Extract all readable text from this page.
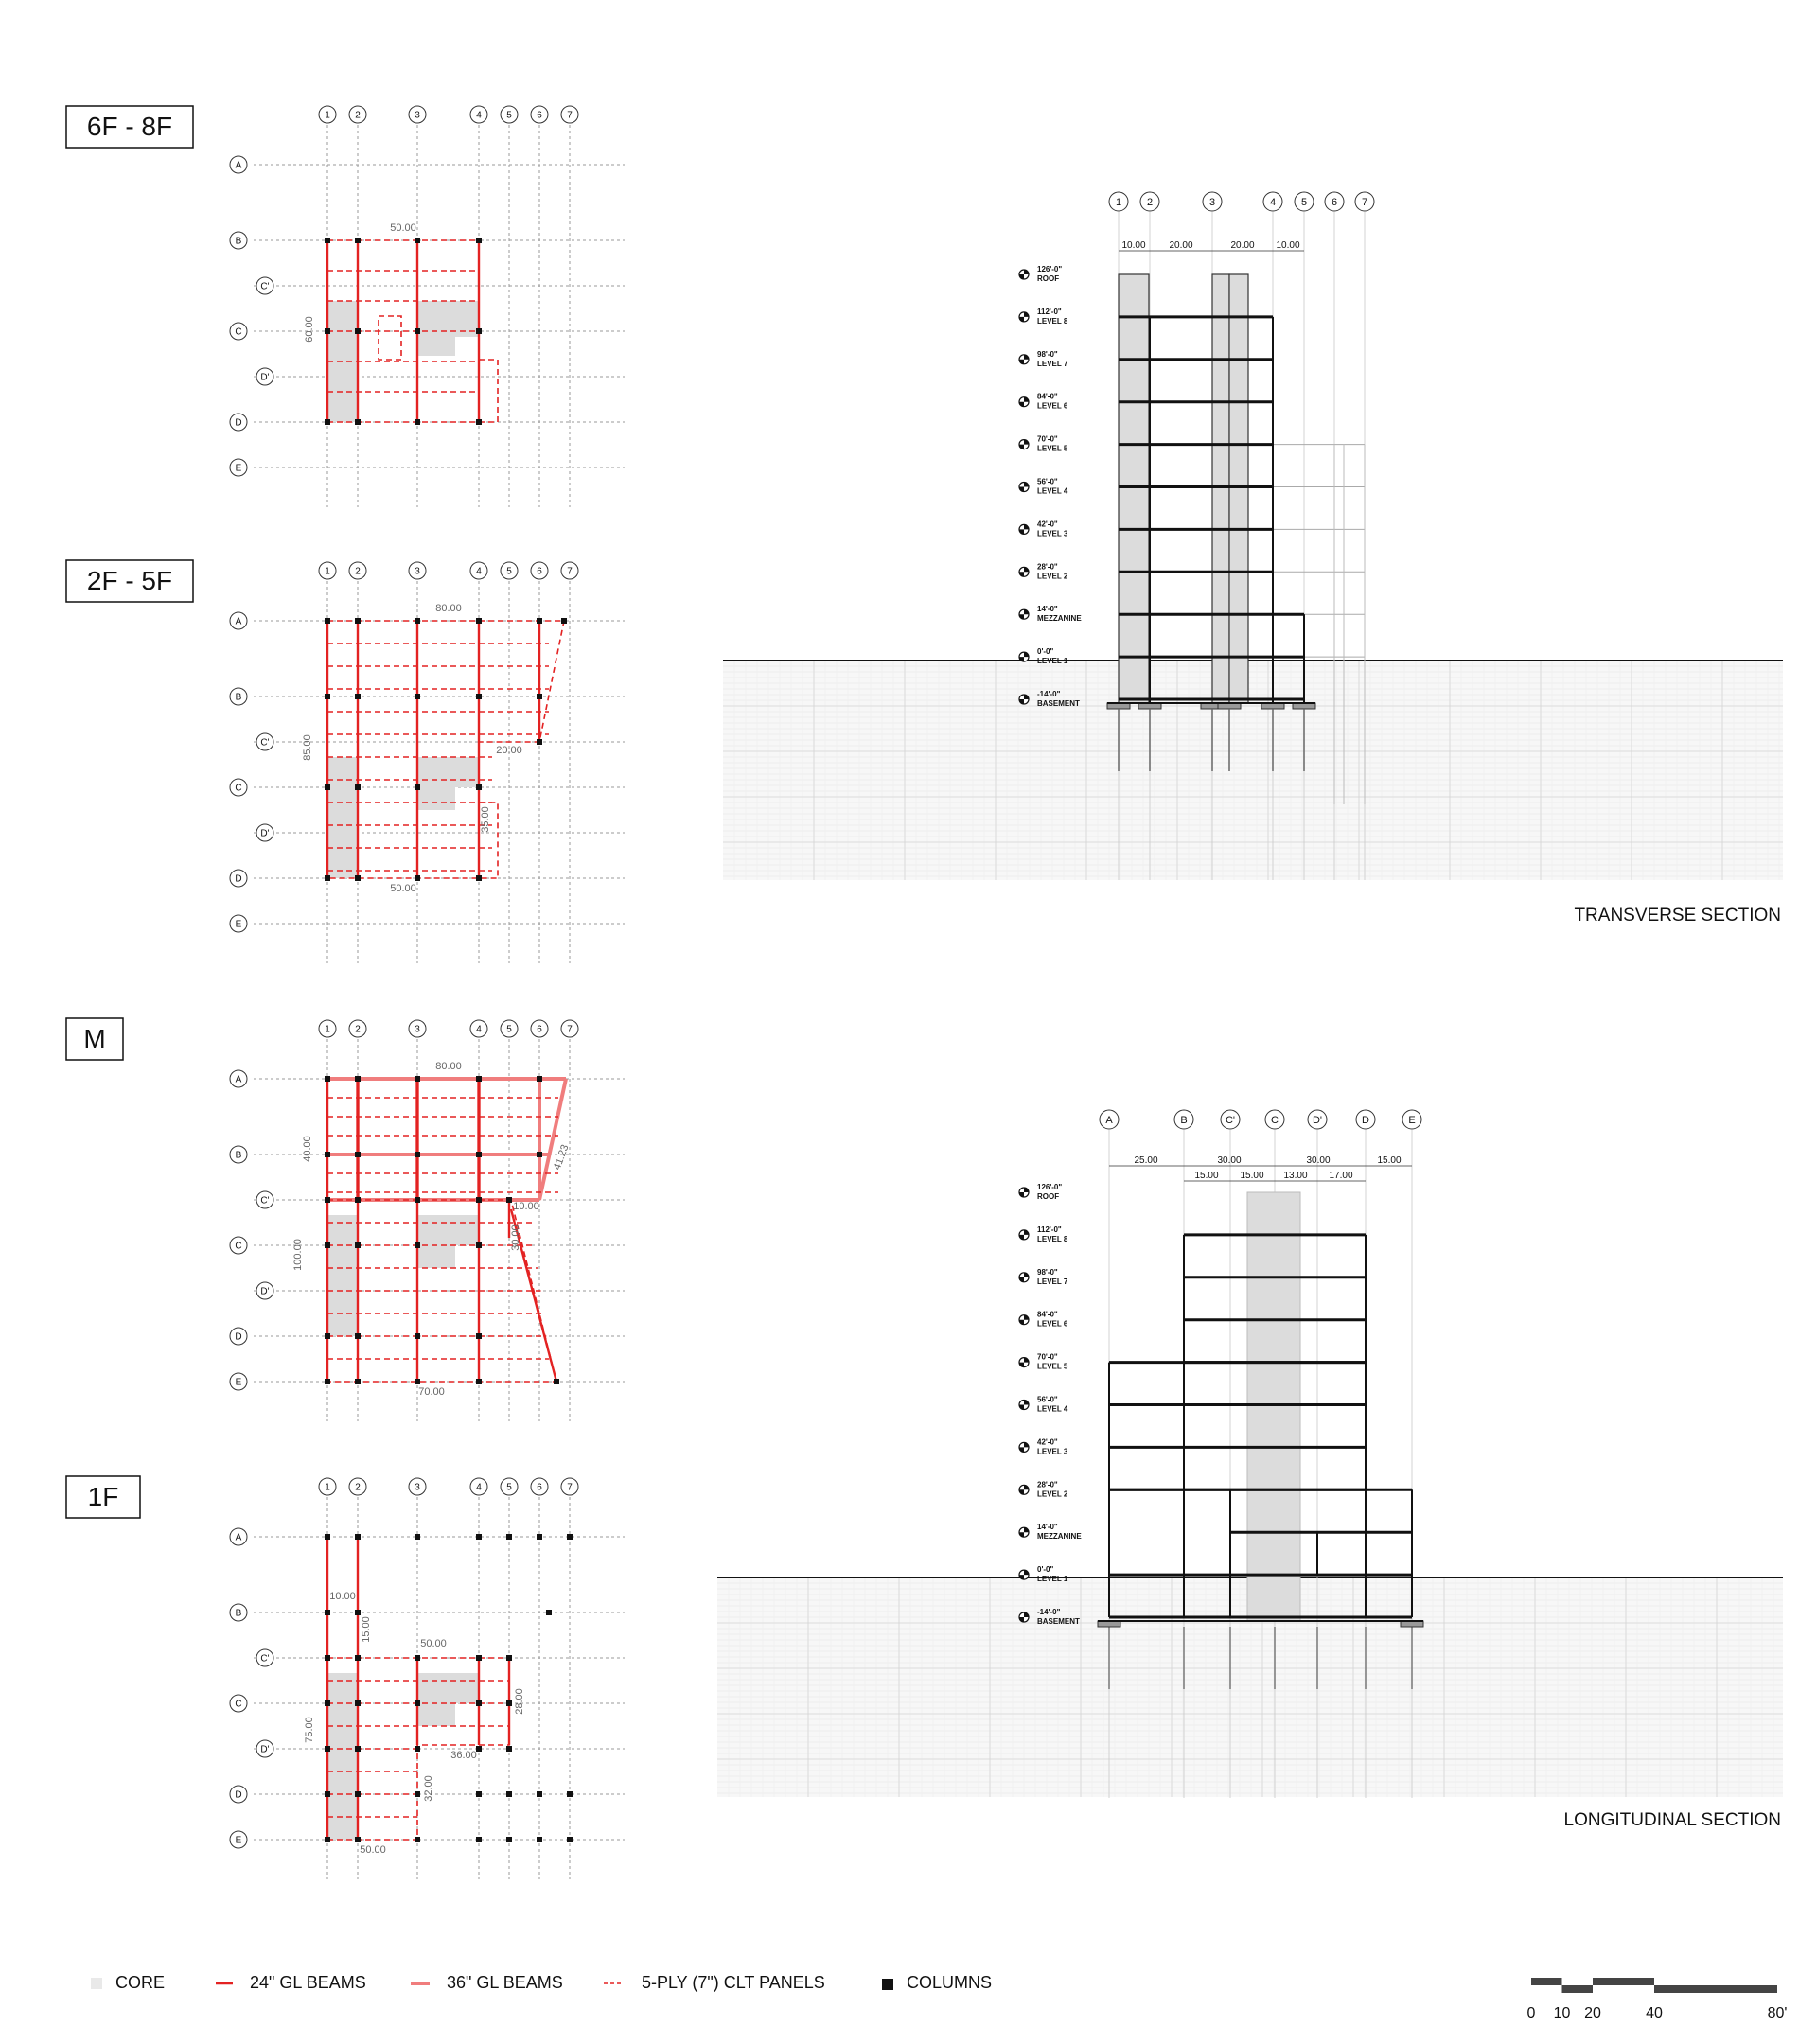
1	2	3	4	5	6	7
A
B
C'
C
D'
D
E
6F - 8F
50.00
60.00
1	2	3	4	5	6	7
A
B
C'
C
D'
D
E
2F - 5F
80.00
85.00	20.00
35.00
50.00
1	2	3	4	5	6	7
A
B
C'
C
D'
D
E
M
80.00
40.00
100.00
41.23
10.00
30.00
70.00
1	2	3	4	5	6	7
A
B
C'
C
D'
D
E
1F
10.00
15.00
50.00
28.00
75.00
36.00
32.00
50.00
1 2	3	4 5 6 7
10.00 20.00	20.00 10.00
126'-0"
ROOF
112'-0"
LEVEL 8
98'-0"
LEVEL 7
84'-0"
LEVEL 6
70'-0"
LEVEL 5
56'-0"
LEVEL 4
42'-0"
LEVEL 3
28'-0"
LEVEL 2
14'-0"
MEZZANINE
0'-0"
LEVEL 1
-14'-0"
BASEMENT
TRANSVERSE SECTION
A	B	C'	C	D'	D	E
25.00	30.00	30.00	15.00
15.00 15.00 13.00 17.00
126'-0"
ROOF
112'-0"
LEVEL 8
98'-0"
LEVEL 7
84'-0"
LEVEL 6
70'-0"
LEVEL 5
56'-0"
LEVEL 4
42'-0"
LEVEL 3
28'-0"
LEVEL 2
14'-0"
MEZZANINE
0'-0"
LEVEL 1
-14'-0"
BASEMENT
LONGITUDINAL SECTION
CORE	24" GL BEAMS	36" GL BEAMS	5-PLY (7") CLT PANELS	COLUMNS
0 10 20	40	80'
